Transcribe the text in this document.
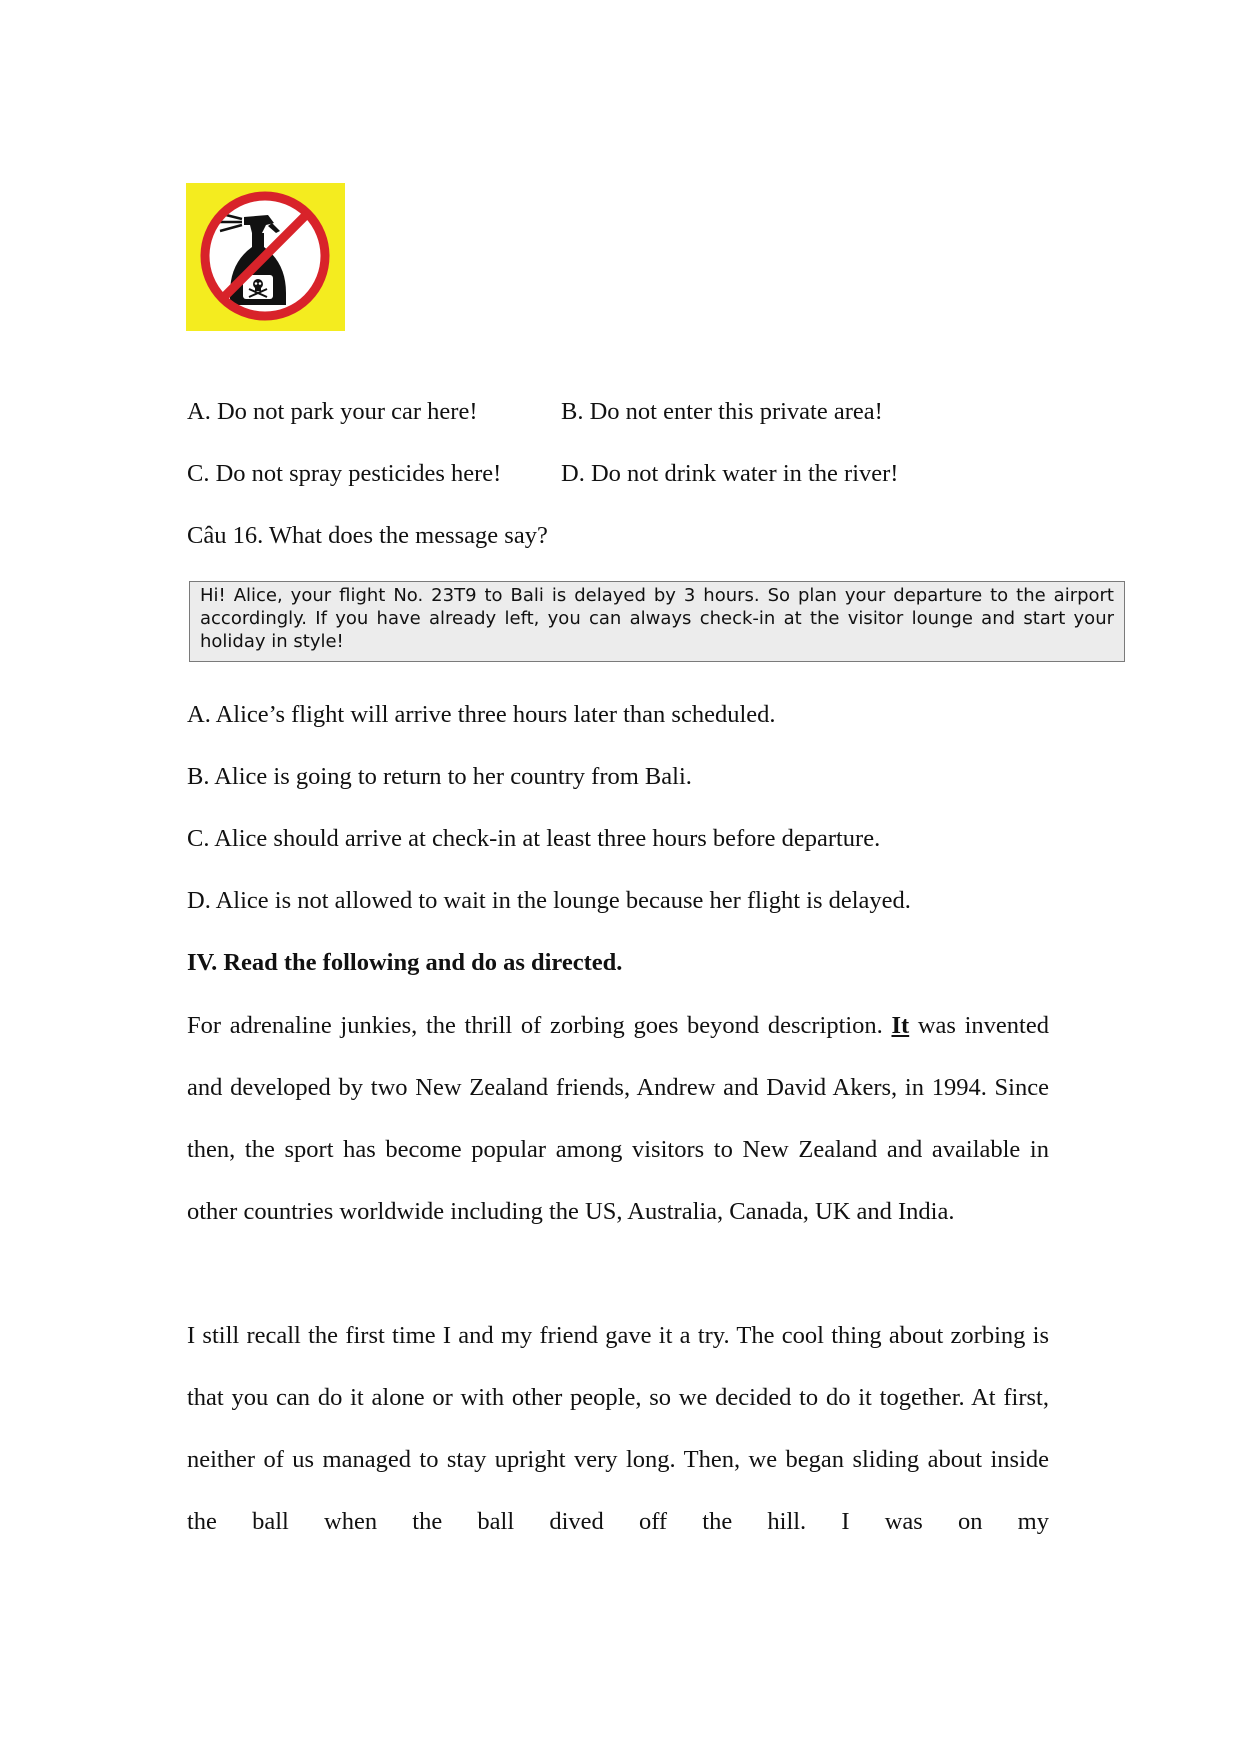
A. Do not park your car here!	B. Do not enter this private area!
C. Do not spray pesticides here! D. Do not drink water in the river!
Câu 16. What does the message say?
Hi! Alice, your flight No. 23T9 to Bali is delayed by 3 hours. So plan your departure to the airport accordingly. If you have already left, you can always check-in at the visitor lounge and start your holiday in style!
A. Alice’s flight will arrive three hours later than scheduled.
B. Alice is going to return to her country from Bali.
C. Alice should arrive at check-in at least three hours before departure.
D. Alice is not allowed to wait in the lounge because her flight is delayed.
IV. Read the following and do as directed.
For adrenaline junkies, the thrill of zorbing goes beyond description. It was invented and developed by two New Zealand friends, Andrew and David Akers, in 1994. Since then, the sport has become popular among visitors to New Zealand and available in other countries worldwide including the US, Australia, Canada, UK and India.
I still recall the first time I and my friend gave it a try. The cool thing about zorbing is that you can do it alone or with other people, so we decided to do it together. At first, neither of us managed to stay upright very long. Then, we began sliding about inside the ball when the ball dived off the hill. I was on my
